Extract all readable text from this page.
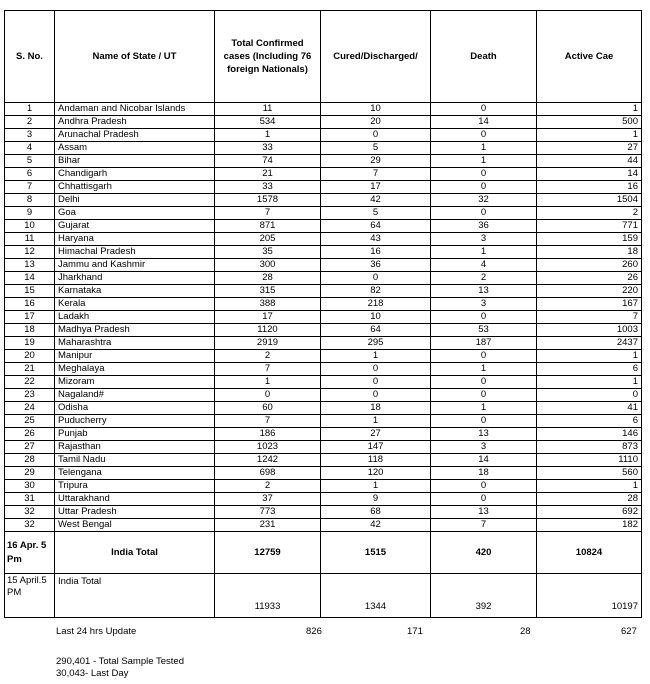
S. No.	Name of State / UT	Total Confirmed cases (Including 76 foreign Nationals)	Cured/Discharged/	Death	Active Cae
1	Andaman and Nicobar Islands	11	10	0	1
2	Andhra Pradesh	534	20	14	500
3	Arunachal Pradesh	1	0	0	1
4	Assam	33	5	1	27
5	Bihar	74	29	1	44
6	Chandigarh	21	7	0	14
7	Chhattisgarh	33	17	0	16
8	Delhi	1578	42	32	1504
9	Goa	7	5	0	2
10	Gujarat	871	64	36	771
11	Haryana	205	43	3	159
12	Himachal Pradesh	35	16	1	18
13	Jammu and Kashmir	300	36	4	260
14	Jharkhand	28	0	2	26
15	Karnataka	315	82	13	220
16	Kerala	388	218	3	167
17	Ladakh	17	10	0	7
18	Madhya Pradesh	1120	64	53	1003
19	Maharashtra	2919	295	187	2437
20	Manipur	2	1	0	1
21	Meghalaya	7	0	1	6
22	Mizoram	1	0	0	1
23	Nagaland#	0	0	0	0
24	Odisha	60	18	1	41
25	Puducherry	7	1	0	6
26	Punjab	186	27	13	146
27	Rajasthan	1023	147	3	873
28	Tamil Nadu	1242	118	14	1110
29	Telengana	698	120	18	560
30	Tripura	2	1	0	1
31	Uttarakhand	37	9	0	28
32	Uttar Pradesh	773	68	13	692
32	West Bengal	231	42	7	182
16 Apr. 5 Pm	India Total	12759	1515	420	10824
15 April.5 PM	India Total	11933	1344	392	10197
Last 24 hrs Update	826	171	28	627
290,401 - Total Sample Tested
30,043- Last Day
